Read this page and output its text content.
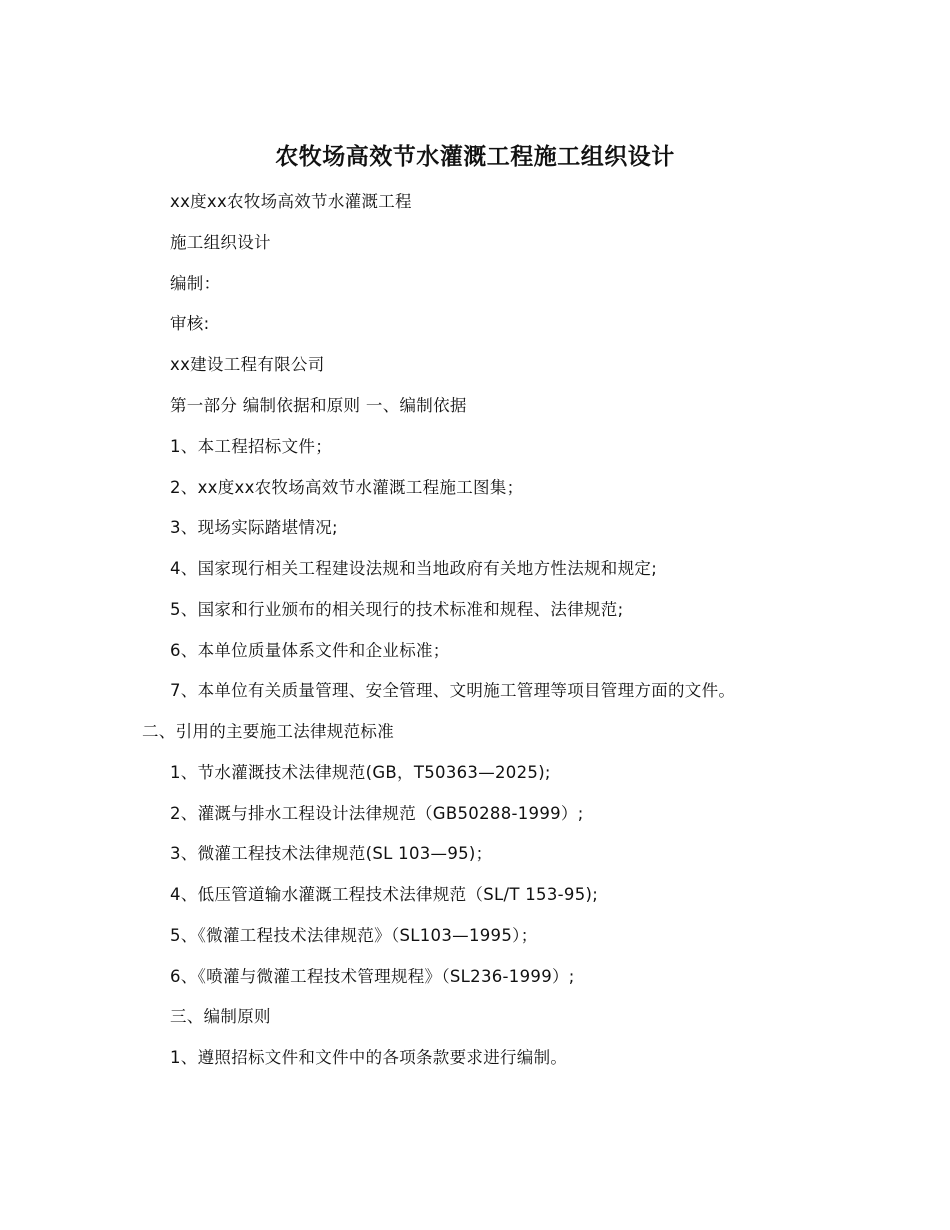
农牧场高效节水灌溉工程施工组织设计

xx度xx农牧场高效节水灌溉工程

施工组织设计

编制：

审核:

xx建设工程有限公司

第一部分 编制依据和原则 一、编制依据

1、本工程招标文件；

2、xx度xx农牧场高效节水灌溉工程施工图集；

3、现场实际踏堪情况;

4、国家现行相关工程建设法规和当地政府有关地方性法规和规定;

5、国家和行业颁布的相关现行的技术标准和规程、法律规范;

6、本单位质量体系文件和企业标准；

7、本单位有关质量管理、安全管理、文明施工管理等项目管理方面的文件。

二、引用的主要施工法律规范标准

1、节水灌溉技术法律规范(GB，T50363—2025);

2、灌溉与排水工程设计法律规范（GB50288-1999）;

3、微灌工程技术法律规范(SL 103—95)；

4、低压管道输水灌溉工程技术法律规范（SL/T 153-95);

5、《微灌工程技术法律规范》（SL103—1995）；

6、《喷灌与微灌工程技术管理规程》（SL236-1999）;

三、编制原则

1、遵照招标文件和文件中的各项条款要求进行编制。
